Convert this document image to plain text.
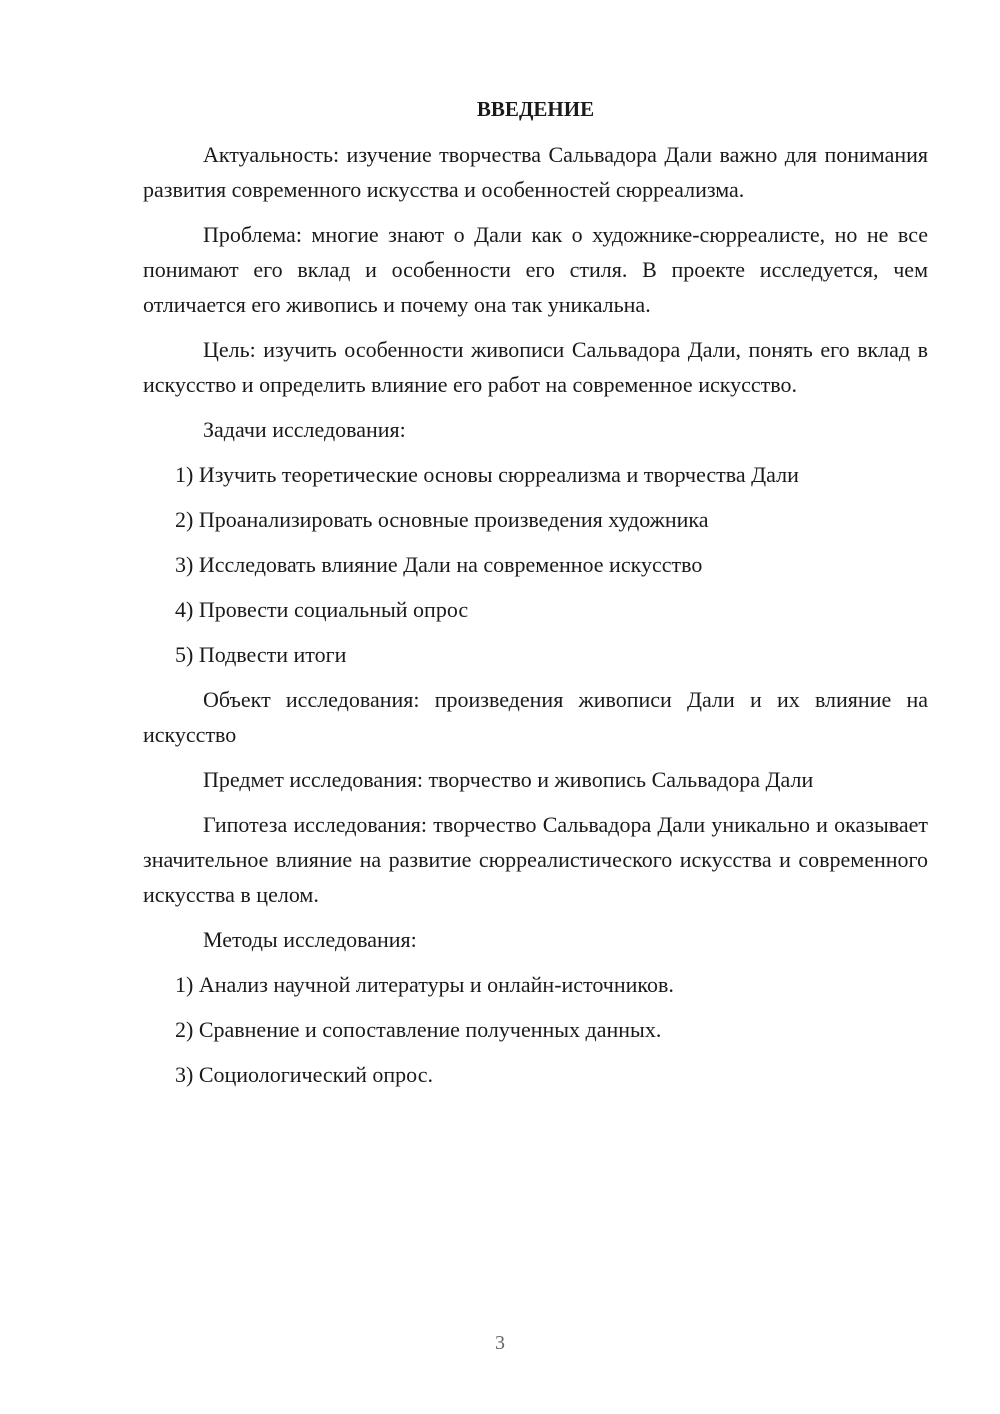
ВВЕДЕНИЕ

Актуальность: изучение творчества Сальвадора Дали важно для понимания развития современного искусства и особенностей сюрреализма.

Проблема: многие знают о Дали как о художнике-сюрреалисте, но не все понимают его вклад и особенности его стиля. В проекте исследуется, чем отличается его живопись и почему она так уникальна.

Цель: изучить особенности живописи Сальвадора Дали, понять его вклад в искусство и определить влияние его работ на современное искусство.

Задачи исследования:

1) Изучить теоретические основы сюрреализма и творчества Дали
2) Проанализировать основные произведения художника
3) Исследовать влияние Дали на современное искусство
4) Провести социальный опрос
5) Подвести итоги

Объект исследования: произведения живописи Дали и их влияние на искусство

Предмет исследования: творчество и живопись Сальвадора Дали

Гипотеза исследования: творчество Сальвадора Дали уникально и оказывает значительное влияние на развитие сюрреалистического искусства и современного искусства в целом.

Методы исследования:

1) Анализ научной литературы и онлайн-источников.
2) Сравнение и сопоставление полученных данных.
3) Социологический опрос.
3
